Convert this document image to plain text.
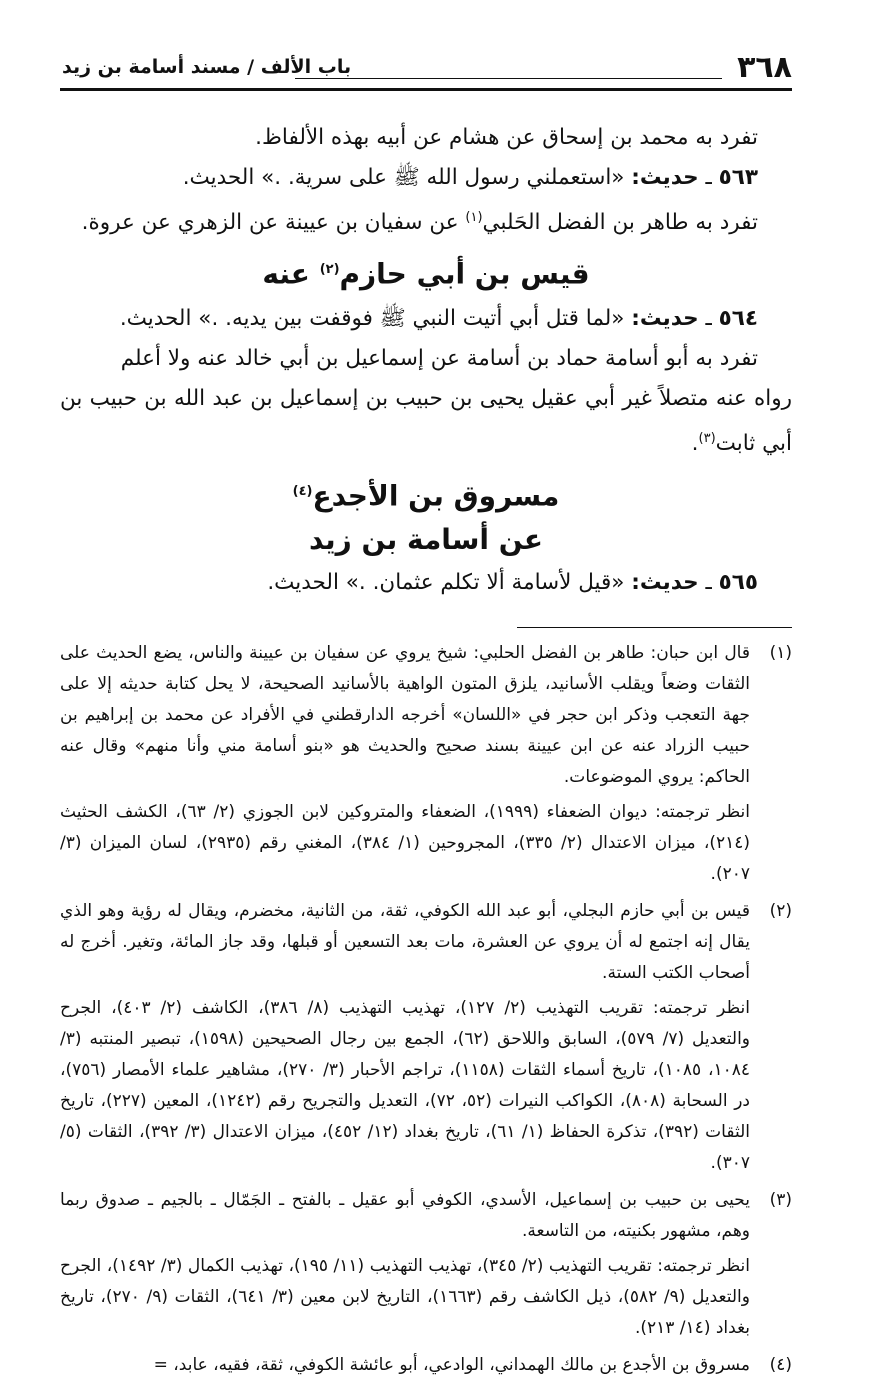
٣٦٨
باب الألف / مسند أسامة بن زيد

تفرد به محمد بن إسحاق عن هشام عن أبيه بهذه الألفاظ.

٥٦٣ ـ حديث: «استعملني رسول الله ﷺ على سرية. .» الحديث.

تفرد به طاهر بن الفضل الحَلبي$^{(١)}$ عن سفيان بن عيينة عن الزهري عن عروة.

قيس بن أبي حازم$^{(٢)}$ عنه

٥٦٤ ـ حديث: «لما قتل أبي أتيت النبي ﷺ فوقفت بين يديه. .» الحديث.

تفرد به أبو أسامة حماد بن أسامة عن إسماعيل بن أبي خالد عنه ولا أعلم

رواه عنه متصلاً غير أبي عقيل يحيى بن حبيب بن إسماعيل بن عبد الله بن حبيب بن أبي ثابت$^{(٣)}$.

مسروق بن الأجدع$^{(٤)}$
عن أسامة بن زيد

٥٦٥ ـ حديث: «قيل لأسامة ألا تكلم عثمان. .» الحديث.

(١)

قال ابن حبان: طاهر بن الفضل الحلبي: شيخ يروي عن سفيان بن عيينة والناس، يضع الحديث على الثقات وضعاً ويقلب الأسانيد، يلزق المتون الواهية بالأسانيد الصحيحة، لا يحل كتابة حديثه إلا على جهة التعجب وذكر ابن حجر في «اللسان» أخرجه الدارقطني في الأفراد عن محمد بن إبراهيم بن حبيب الزراد عنه عن ابن عيينة بسند صحيح والحديث هو «بنو أسامة مني وأنا منهم» وقال عنه الحاكم: يروي الموضوعات.

انظر ترجمته: ديوان الضعفاء (١٩٩٩)، الضعفاء والمتروكين لابن الجوزي (٢/ ٦٣)، الكشف الحثيث (٢١٤)، ميزان الاعتدال (٢/ ٣٣٥)، المجروحين (١/ ٣٨٤)، المغني رقم (٢٩٣٥)، لسان الميزان (٣/ ٢٠٧).

(٢)

قيس بن أبي حازم البجلي، أبو عبد الله الكوفي، ثقة، من الثانية، مخضرم، ويقال له رؤية وهو الذي يقال إنه اجتمع له أن يروي عن العشرة، مات بعد التسعين أو قبلها، وقد جاز المائة، وتغير. أخرج له أصحاب الكتب الستة.

انظر ترجمته: تقريب التهذيب (٢/ ١٢٧)، تهذيب التهذيب (٨/ ٣٨٦)، الكاشف (٢/ ٤٠٣)، الجرح والتعديل (٧/ ٥٧٩)، السابق واللاحق (٦٢)، الجمع بين رجال الصحيحين (١٥٩٨)، تبصير المنتبه (٣/ ١٠٨٤، ١٠٨٥)، تاريخ أسماء الثقات (١١٥٨)، تراجم الأحبار (٣/ ٢٧٠)، مشاهير علماء الأمصار (٧٥٦)، در السحابة (٨٠٨)، الكواكب النيرات (٥٢، ٧٢)، التعديل والتجريح رقم (١٢٤٢)، المعين (٢٢٧)، تاريخ الثقات (٣٩٢)، تذكرة الحفاظ (١/ ٦١)، تاريخ بغداد (١٢/ ٤٥٢)، ميزان الاعتدال (٣/ ٣٩٢)، الثقات (٥/ ٣٠٧).

(٣)

يحيى بن حبيب بن إسماعيل، الأسدي، الكوفي أبو عقيل ـ بالفتح ـ الجَمّال ـ بالجيم ـ صدوق ربما وهم، مشهور بكنيته، من التاسعة.

انظر ترجمته: تقريب التهذيب (٢/ ٣٤٥)، تهذيب التهذيب (١١/ ١٩٥)، تهذيب الكمال (٣/ ١٤٩٢)، الجرح والتعديل (٩/ ٥٨٢)، ذيل الكاشف رقم (١٦٦٣)، التاريخ لابن معين (٣/ ٦٤١)، الثقات (٩/ ٢٧٠)، تاريخ بغداد (١٤/ ٢١٣).

(٤)

مسروق بن الأجدع بن مالك الهمداني، الوادعي، أبو عائشة الكوفي، ثقة، فقيه، عابد، =
